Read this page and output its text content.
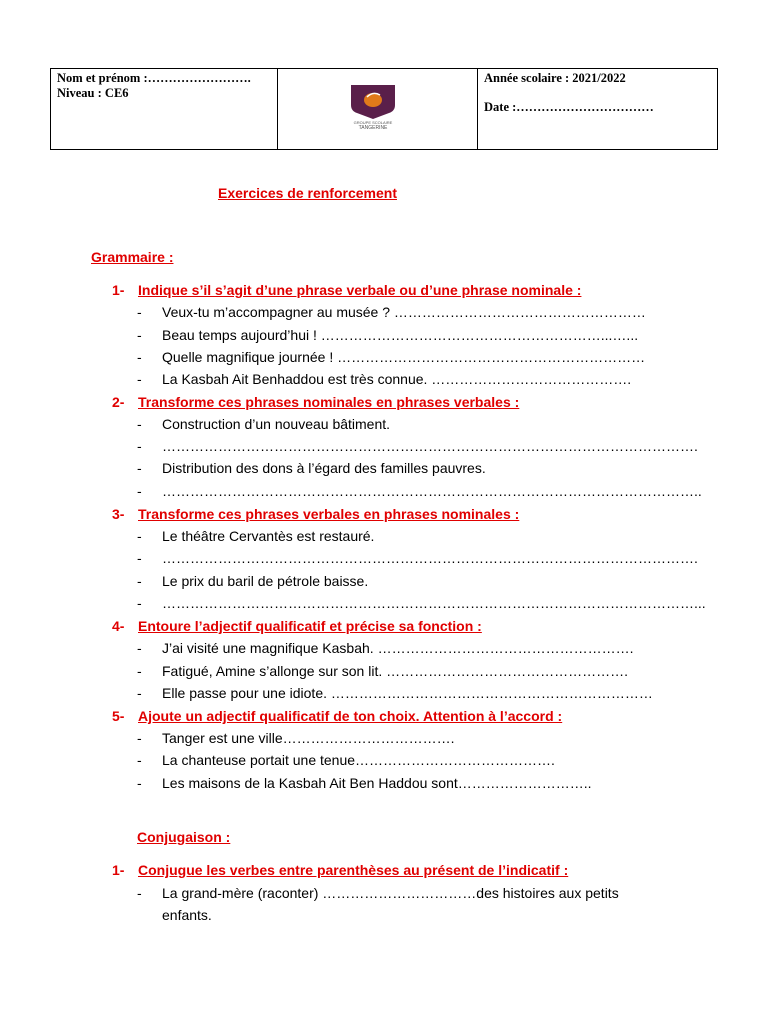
Nom et prénom :…………………….
Niveau : CE6
GROUPE SCOLAIRE
TANGERINE
Année scolaire : 2021/2022
Date :……………………………
Exercices de renforcement
Grammaire :
1- Indique s’il s’agit d’une phrase verbale ou d’une phrase nominale :
- Veux-tu m’accompagner au musée ? ………………………………………………
- Beau temps aujourd’hui ! ……………………………………………………...…...
- Quelle magnifique journée ! …………………………………………………………
- La Kasbah Ait Benhaddou est très connue. …………………………………….
2- Transforme ces phrases nominales en phrases verbales :
- Construction d’un nouveau bâtiment.
- …………………………………………………………………………………………………….
- Distribution des dons à l’égard des familles pauvres.
- ……………………………………………………………………………………………………..
3- Transforme ces phrases verbales en phrases nominales :
- Le théâtre Cervantès est restauré.
- …………………………………………………………………………………………………….
- Le prix du baril de pétrole baisse.
- ……………………………………………………………………………………………………...
4- Entoure l’adjectif qualificatif et précise sa fonction :
- J’ai visité une magnifique Kasbah. ……………………………………………….
- Fatigué, Amine s’allonge sur son lit. …………………………………………….
- Elle passe pour une idiote. ……………………………………………………………
5- Ajoute un adjectif qualificatif de ton choix. Attention à l’accord :
- Tanger est une ville……………………………….
- La chanteuse portait une tenue…………………………………….
- Les maisons de la Kasbah Ait Ben Haddou sont………………………..
Conjugaison :
1- Conjugue les verbes entre parenthèses au présent de l’indicatif :
- La grand-mère (raconter) ……………………………des histoires aux petits
enfants.
